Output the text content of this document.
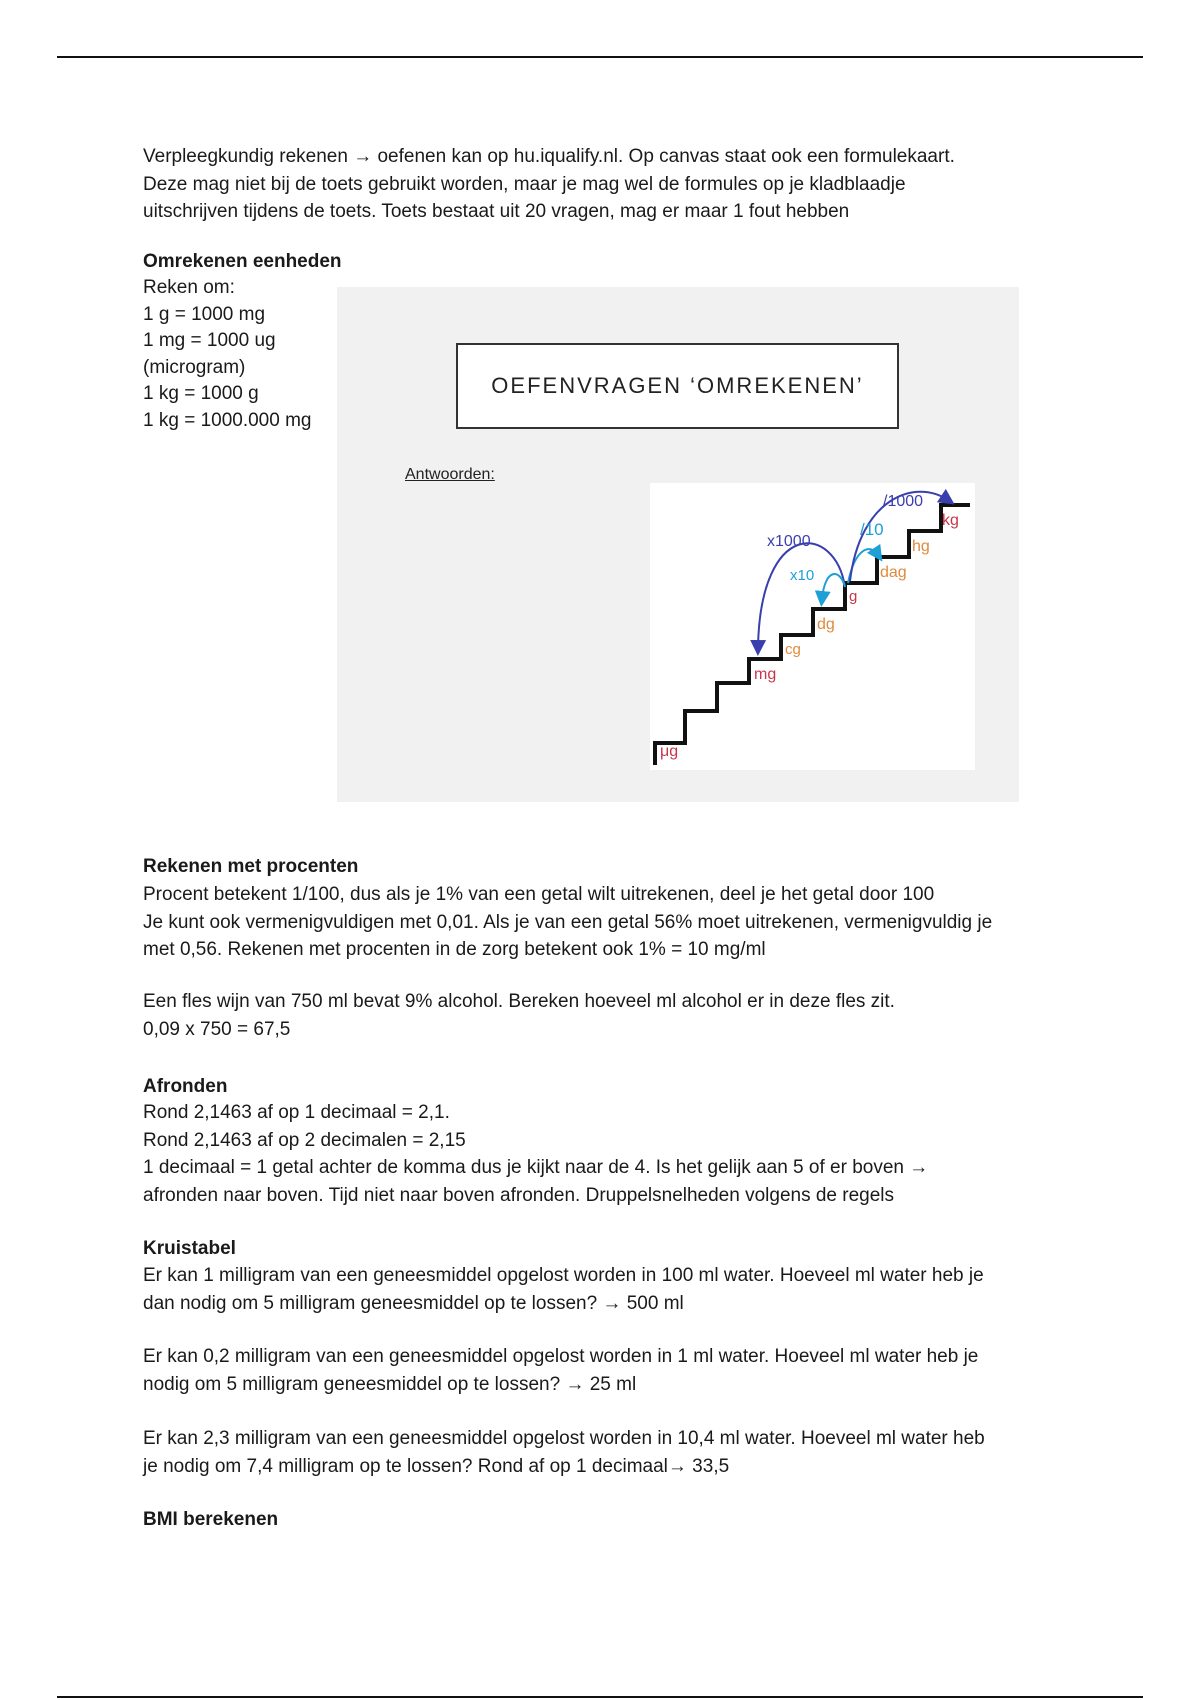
Verpleegkundig rekenen → oefenen kan op hu.iqualify.nl. Op canvas staat ook een formulekaart.

Deze mag niet bij de toets gebruikt worden, maar je mag wel de formules op je kladblaadje

uitschrijven tijdens de toets. Toets bestaat uit 20 vragen, mag er maar 1 fout hebben

Omrekenen eenheden

Reken om:

1 g = 1000 mg

1 mg = 1000 ug

(microgram)

1 kg = 1000 g

1 kg = 1000.000 mg

OEFENVRAGEN ‘OMREKENEN’
Antwoorden:
μg
mg
cg
dg
g
dag
hg
kg
x1000
x10
/10
/1000
Rekenen met procenten

Procent betekent 1/100, dus als je 1% van een getal wilt uitrekenen, deel je het getal door 100

Je kunt ook vermenigvuldigen met 0,01. Als je van een getal 56% moet uitrekenen, vermenigvuldig je

met 0,56. Rekenen met procenten in de zorg betekent ook 1% = 10 mg/ml

Een fles wijn van 750 ml bevat 9% alcohol. Bereken hoeveel ml alcohol er in deze fles zit.

0,09 x 750 = 67,5

Afronden

Rond 2,1463 af op 1 decimaal = 2,1.

Rond 2,1463 af op 2 decimalen = 2,15

1 decimaal = 1 getal achter de komma dus je kijkt naar de 4. Is het gelijk aan 5 of er boven →

afronden naar boven. Tijd niet naar boven afronden. Druppelsnelheden volgens de regels

Kruistabel

Er kan 1 milligram van een geneesmiddel opgelost worden in 100 ml water. Hoeveel ml water heb je

dan nodig om 5 milligram geneesmiddel op te lossen? → 500 ml

Er kan 0,2 milligram van een geneesmiddel opgelost worden in 1 ml water. Hoeveel ml water heb je

nodig om 5 milligram geneesmiddel op te lossen? → 25 ml

Er kan 2,3 milligram van een geneesmiddel opgelost worden in 10,4 ml water. Hoeveel ml water heb

je nodig om 7,4 milligram op te lossen? Rond af op 1 decimaal→ 33,5

BMI berekenen
